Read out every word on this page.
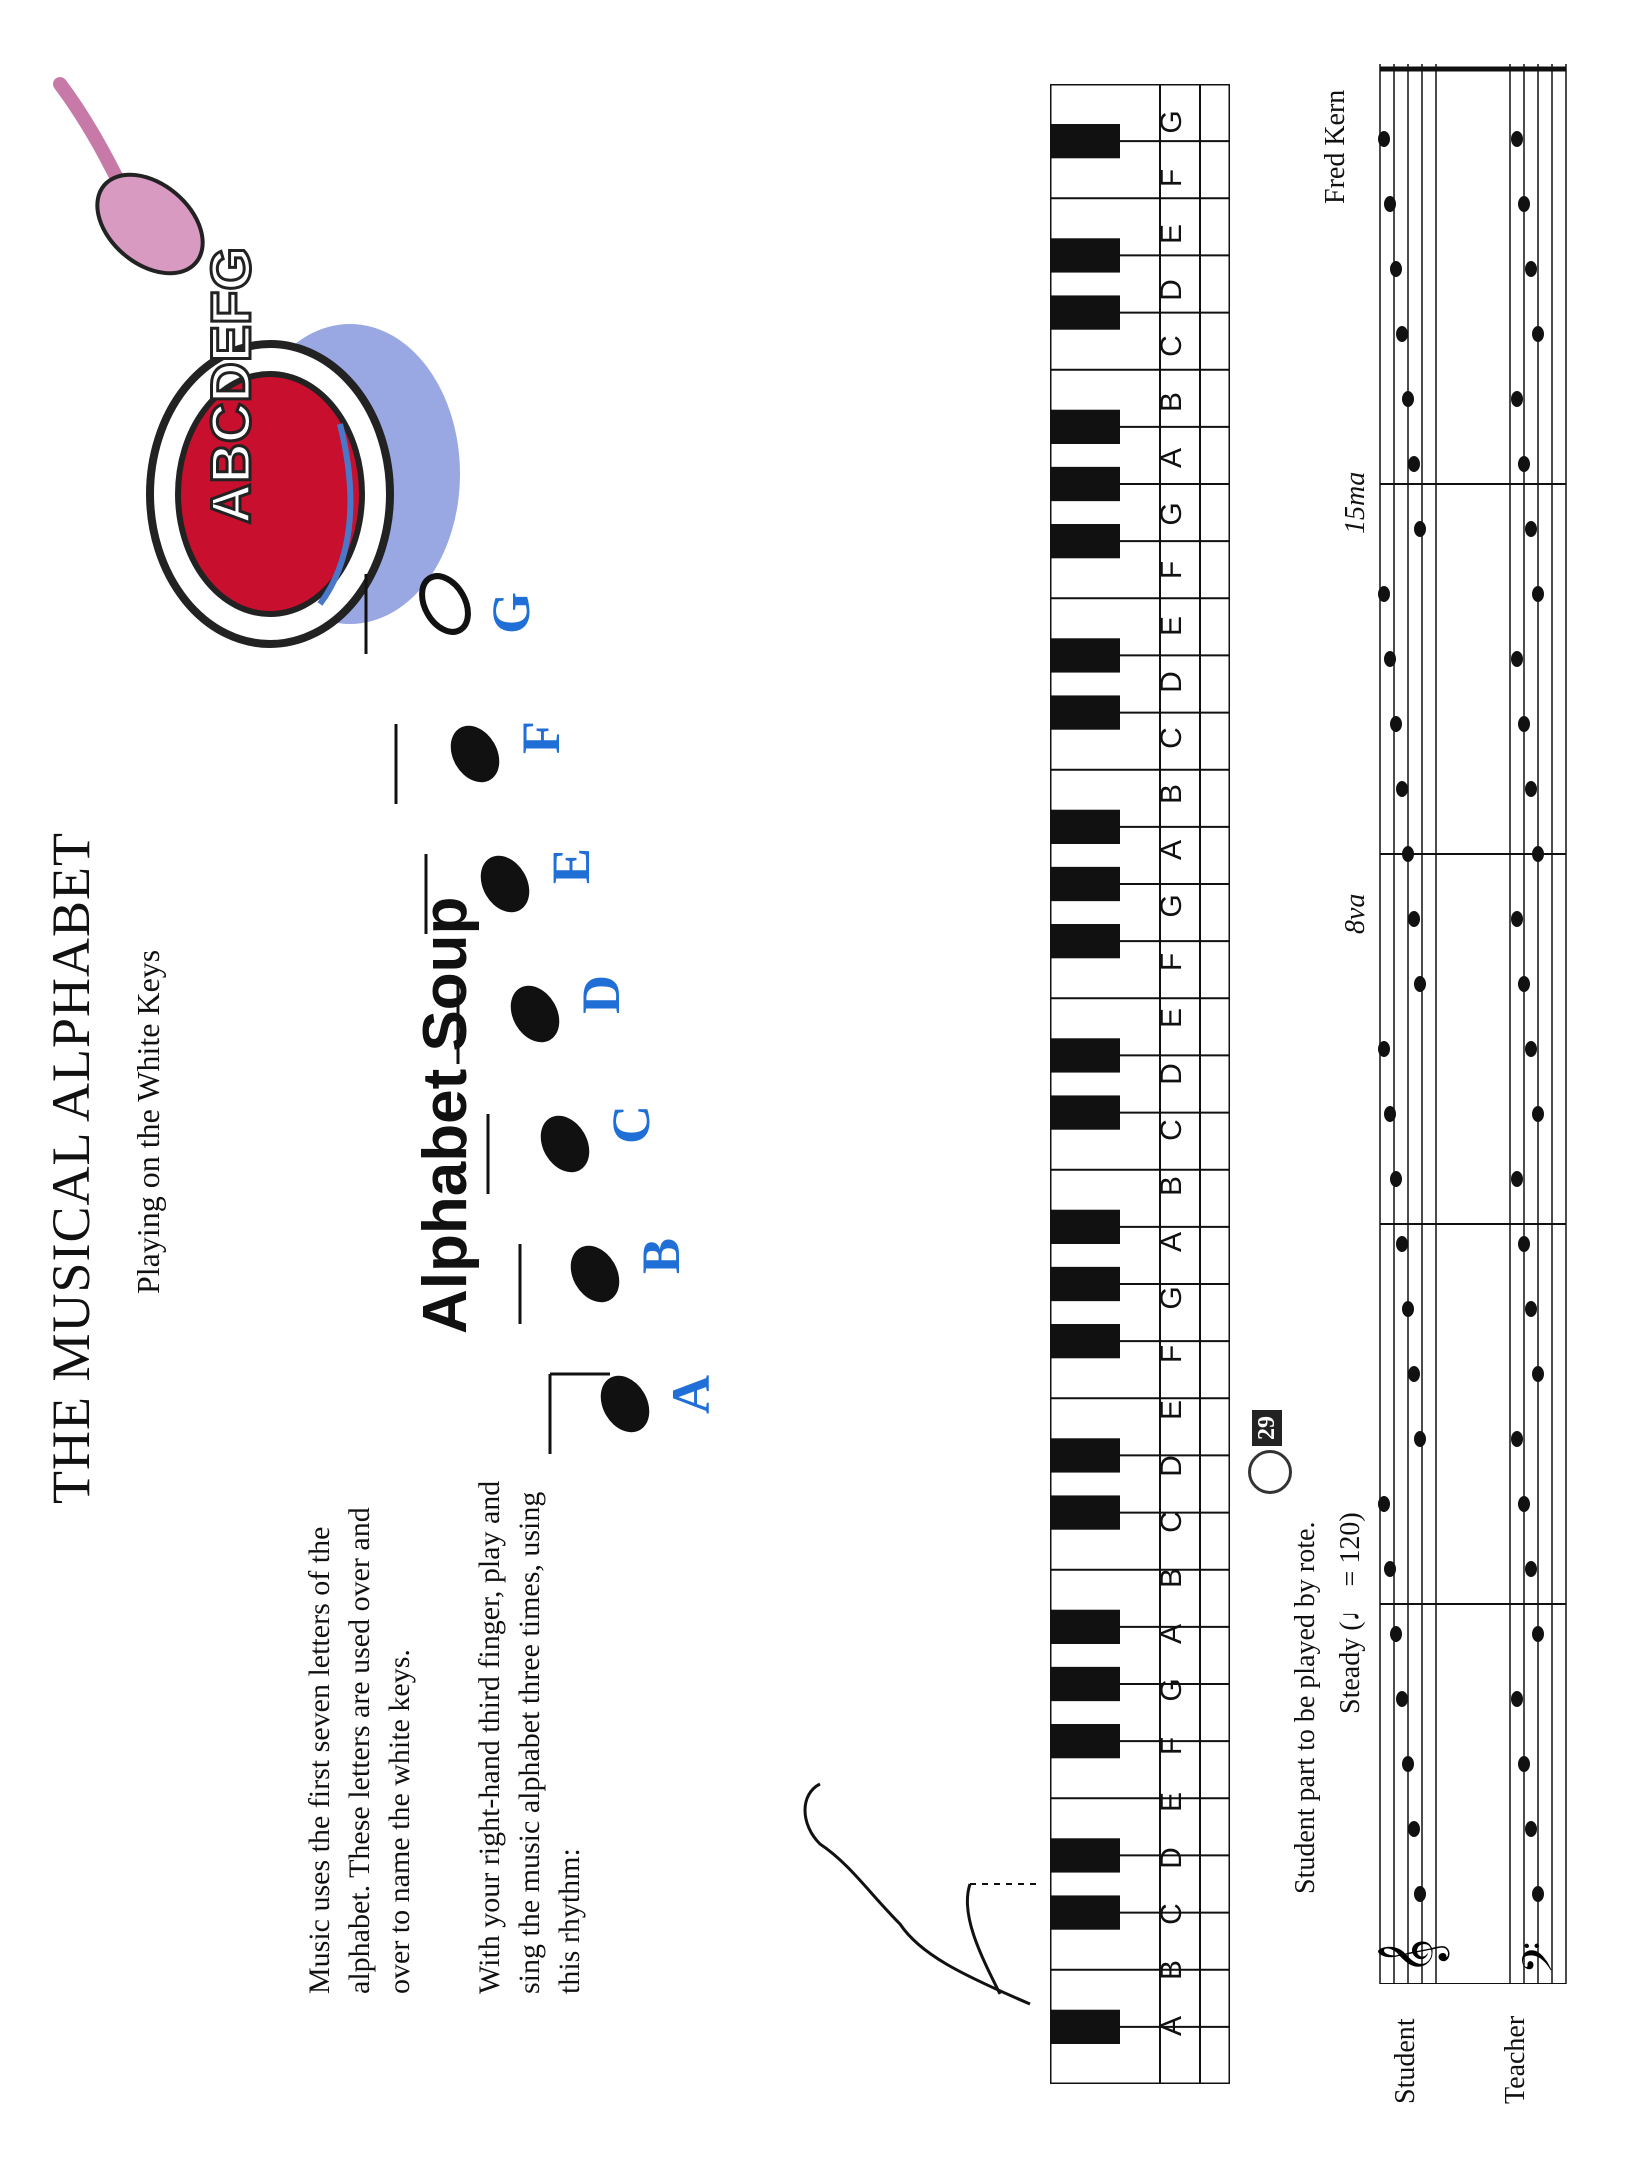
THE MUSICAL ALPHABET Playing on the White Keys
Music uses the first seven letters of the alphabet. These letters are used over and over to name the white keys. With your right-hand third finger, play and sing the music alphabet three times, using this rhythm:
Alphabet Soup
ABCDEFG
A
B
C
D
E
F
G
A
B
C
D
E
F
G
A
B
C
D
E
F
G
A
B
C
D
E
F
G
A
B
C
D
E
F
G
A
B
C
D
E
F
G
29
Student part to be played by rote. Steady (♩ = 120)
8va
15ma
Fred Kern
Student	Teacher
𝄞 𝄢
